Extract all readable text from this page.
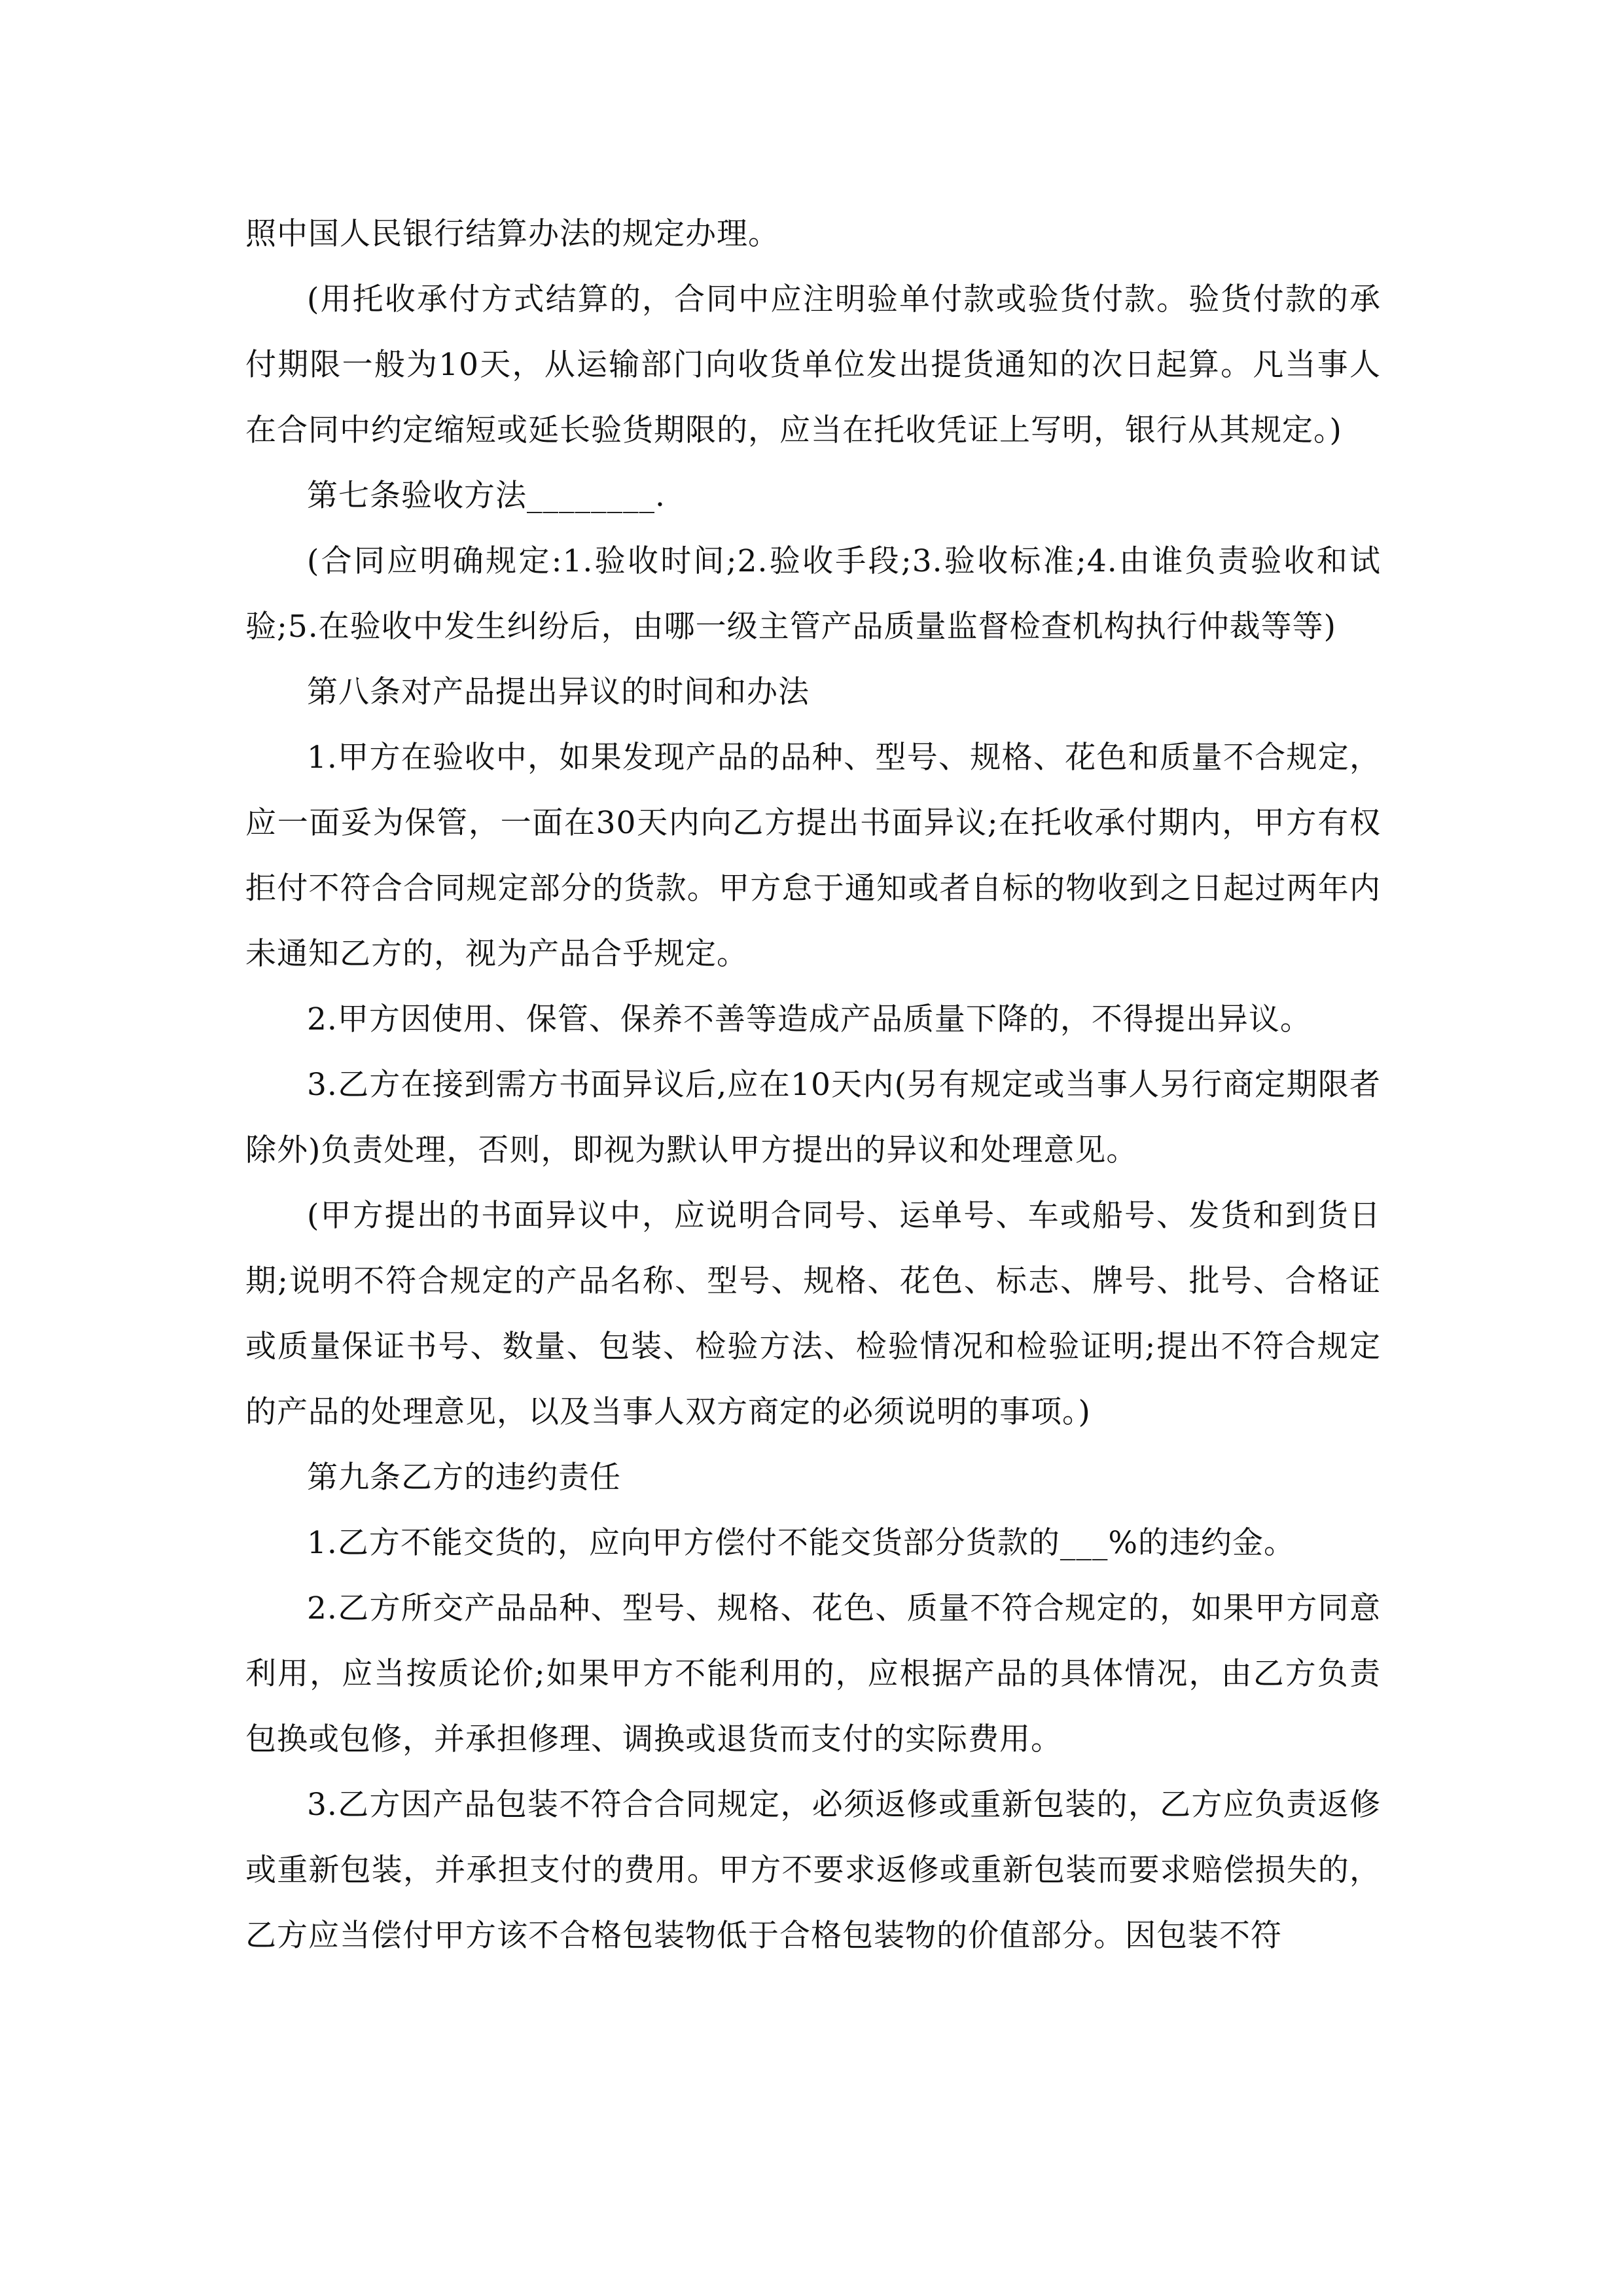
照中国人民银行结算办法的规定办理。

(用托收承付方式结算的，合同中应注明验单付款或验货付款。验货付款的承付期限一般为10天，从运输部门向收货单位发出提货通知的次日起算。凡当事人在合同中约定缩短或延长验货期限的，应当在托收凭证上写明，银行从其规定。)

第七条验收方法________.

(合同应明确规定:1.验收时间;2.验收手段;3.验收标准;4.由谁负责验收和试验;5.在验收中发生纠纷后，由哪一级主管产品质量监督检查机构执行仲裁等等)

第八条对产品提出异议的时间和办法

1.甲方在验收中，如果发现产品的品种、型号、规格、花色和质量不合规定，应一面妥为保管，一面在30天内向乙方提出书面异议;在托收承付期内，甲方有权拒付不符合合同规定部分的货款。甲方怠于通知或者自标的物收到之日起过两年内未通知乙方的，视为产品合乎规定。

2.甲方因使用、保管、保养不善等造成产品质量下降的，不得提出异议。

3.乙方在接到需方书面异议后,应在10天内(另有规定或当事人另行商定期限者除外)负责处理，否则，即视为默认甲方提出的异议和处理意见。

(甲方提出的书面异议中，应说明合同号、运单号、车或船号、发货和到货日期;说明不符合规定的产品名称、型号、规格、花色、标志、牌号、批号、合格证或质量保证书号、数量、包装、检验方法、检验情况和检验证明;提出不符合规定的产品的处理意见，以及当事人双方商定的必须说明的事项。)

第九条乙方的违约责任

1.乙方不能交货的，应向甲方偿付不能交货部分货款的___%的违约金。

2.乙方所交产品品种、型号、规格、花色、质量不符合规定的，如果甲方同意利用，应当按质论价;如果甲方不能利用的，应根据产品的具体情况，由乙方负责包换或包修，并承担修理、调换或退货而支付的实际费用。

3.乙方因产品包装不符合合同规定，必须返修或重新包装的，乙方应负责返修或重新包装，并承担支付的费用。甲方不要求返修或重新包装而要求赔偿损失的，乙方应当偿付甲方该不合格包装物低于合格包装物的价值部分。因包装不符
